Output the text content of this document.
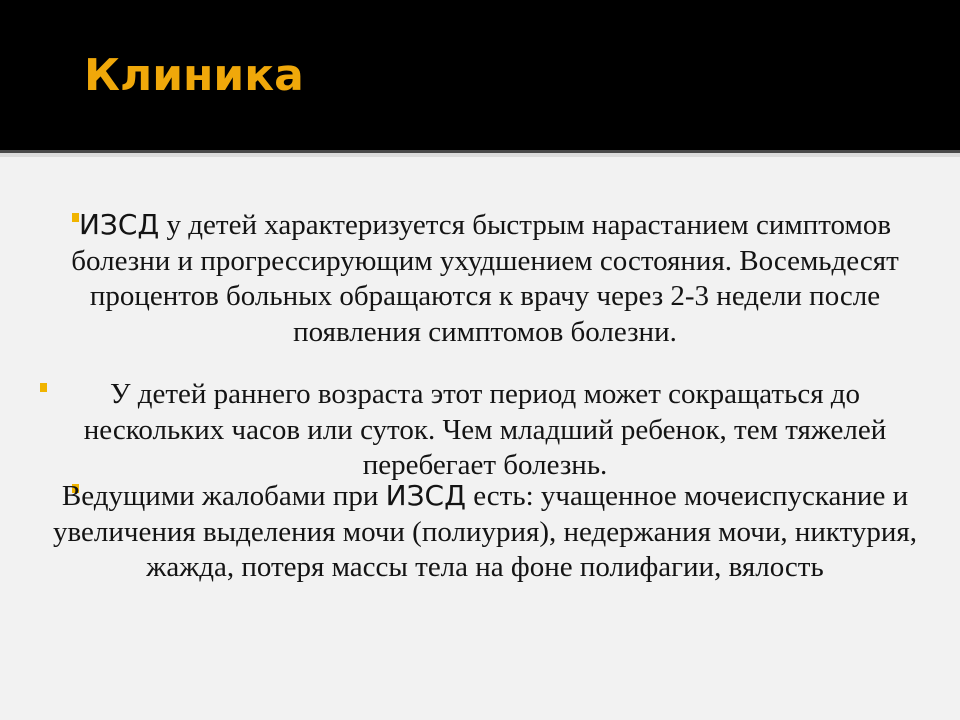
Клиника
ИЗСД у детей характеризуется быстрым нарастанием симптомов болезни и прогрессирующим ухудшением состояния. Восемьдесят процентов больных обращаются к врачу через 2-3 недели после появления симптомов болезни.
У детей раннего возраста этот период может сокращаться до нескольких часов или суток. Чем младший ребенок, тем тяжелей перебегает болезнь.
Ведущими жалобами при ИЗСД есть: учащенное мочеиспускание и увеличения выделения мочи (полиурия), недержания мочи, никтурия, жажда, потеря массы тела на фоне полифагии, вялость
